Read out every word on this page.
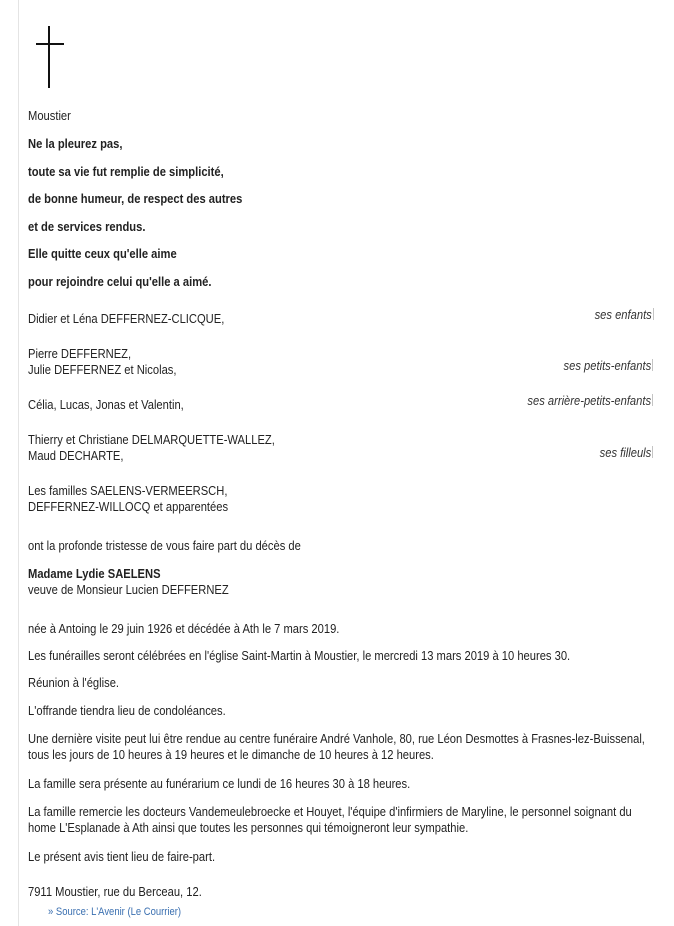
Moustier
Ne la pleurez pas,
toute sa vie fut remplie de simplicité,
de bonne humeur, de respect des autres
et de services rendus.
Elle quitte ceux qu'elle aime
pour rejoindre celui qu'elle a aimé.
Didier et Léna DEFFERNEZ-CLICQUE,	ses enfants
Pierre DEFFERNEZ,
Julie DEFFERNEZ et Nicolas,	ses petits-enfants
Célia, Lucas, Jonas et Valentin,	ses arrière-petits-enfants
Thierry et Christiane DELMARQUETTE-WALLEZ,
Maud DECHARTE,	ses filleuls
Les familles SAELENS-VERMEERSCH,
DEFFERNEZ-WILLOCQ et apparentées
ont la profonde tristesse de vous faire part du décès de
Madame Lydie SAELENS
veuve de Monsieur Lucien DEFFERNEZ
née à Antoing le 29 juin 1926 et décédée à Ath le 7 mars 2019.
Les funérailles seront célébrées en l'église Saint-Martin à Moustier, le mercredi 13 mars 2019 à 10 heures 30.
Réunion à l'église.
L'offrande tiendra lieu de condoléances.
Une dernière visite peut lui être rendue au centre funéraire André Vanhole, 80, rue Léon Desmottes à Frasnes-lez-Buissenal,
tous les jours de 10 heures à 19 heures et le dimanche de 10 heures à 12 heures.
La famille sera présente au funérarium ce lundi de 16 heures 30 à 18 heures.
La famille remercie les docteurs Vandemeulebroecke et Houyet, l'équipe d'infirmiers de Maryline, le personnel soignant du
home L'Esplanade à Ath ainsi que toutes les personnes qui témoigneront leur sympathie.
Le présent avis tient lieu de faire-part.
7911 Moustier, rue du Berceau, 12.
» Source: L'Avenir (Le Courrier)
